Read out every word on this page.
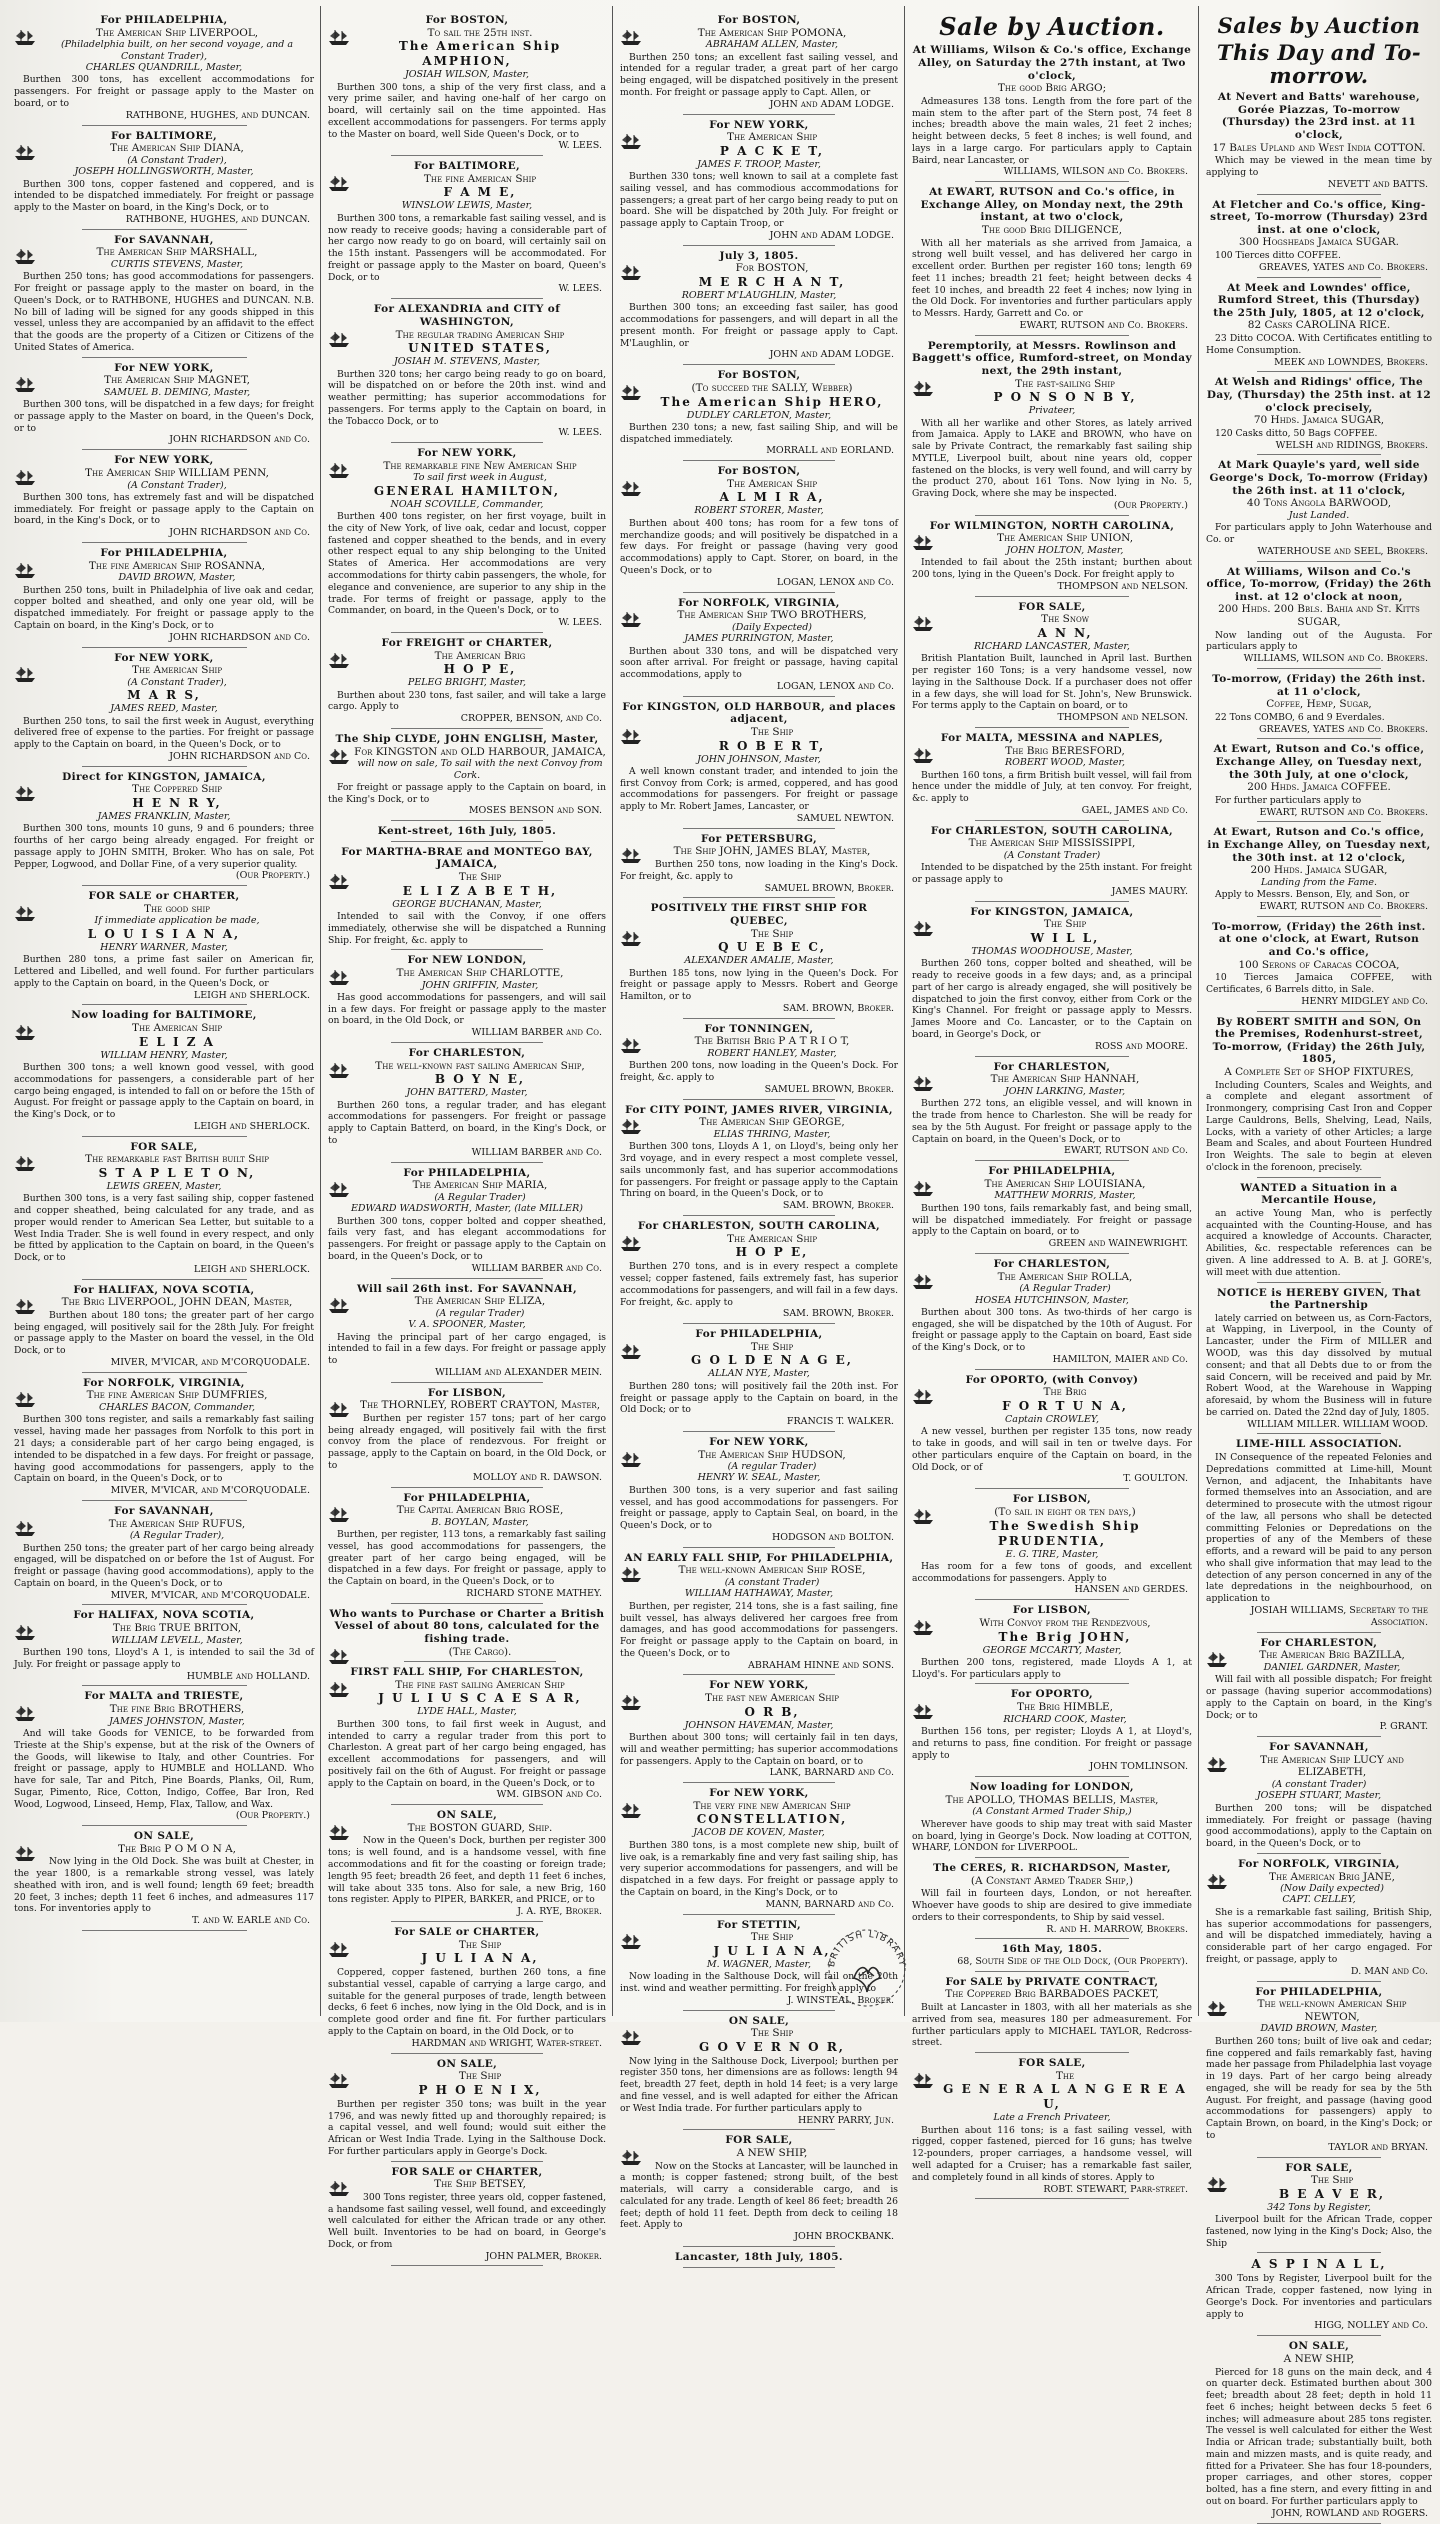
For PHILADELPHIA,

The American Ship LIVERPOOL,

(Philadelphia built, on her second voyage, and a Constant Trader),

CHARLES QUANDRILL, Master,

Burthen 300 tons, has excellent accommodations for passengers. For freight or passage apply to the Master on board, or to

RATHBONE, HUGHES, and DUNCAN.

For BALTIMORE,

The American Ship DIANA,

(A Constant Trader),

JOSEPH HOLLINGSWORTH, Master,

Burthen 300 tons, copper fastened and coppered, and is intended to be dispatched immediately. For freight or passage apply to the Master on board, in the King's Dock, or to

RATHBONE, HUGHES, and DUNCAN.

For SAVANNAH,

The American Ship MARSHALL,

CURTIS STEVENS, Master,

Burthen 250 tons; has good accommodations for passengers. For freight or passage apply to the master on board, in the Queen's Dock, or to RATHBONE, HUGHES and DUNCAN. N.B. No bill of lading will be signed for any goods shipped in this vessel, unless they are accompanied by an affidavit to the effect that the goods are the property of a Citizen or Citizens of the United States of America.

For NEW YORK,

The American Ship MAGNET,

SAMUEL B. DEMING, Master,

Burthen 300 tons, will be dispatched in a few days; for freight or passage apply to the Master on board, in the Queen's Dock, or to

JOHN RICHARDSON and Co.

For NEW YORK,

The American Ship WILLIAM PENN,

(A Constant Trader),

Burthen 300 tons, has extremely fast and will be dispatched immediately. For freight or passage apply to the Captain on board, in the King's Dock, or to

JOHN RICHARDSON and Co.

For PHILADELPHIA,

The fine American Ship ROSANNA,

DAVID BROWN, Master,

Burthen 250 tons, built in Philadelphia of live oak and cedar, copper bolted and sheathed, and only one year old, will be dispatched immediately. For freight or passage apply to the Captain on board, in the King's Dock, or to

JOHN RICHARDSON and Co.

For NEW YORK,

The American Ship

(A Constant Trader),

M A R S,

JAMES REED, Master,

Burthen 250 tons, to sail the first week in August, everything delivered free of expense to the parties. For freight or passage apply to the Captain on board, in the Queen's Dock, or to

JOHN RICHARDSON and Co.

Direct for KINGSTON, JAMAICA,

The Coppered Ship

H E N R Y,

JAMES FRANKLIN, Master,

Burthen 300 tons, mounts 10 guns, 9 and 6 pounders; three fourths of her cargo being already engaged. For freight or passage apply to JOHN SMITH, Broker. Who has on sale, Pot Pepper, Logwood, and Dollar Fine, of a very superior quality.

(Our Property.)

FOR SALE or CHARTER,

The good ship

If immediate application be made,

L O U I S I A N A,

HENRY WARNER, Master,

Burthen 280 tons, a prime fast sailer on American fir, Lettered and Libelled, and well found. For further particulars apply to the Captain on board, in the Queen's Dock, or

LEIGH and SHERLOCK.

Now loading for BALTIMORE,

The American Ship

E L I Z A

WILLIAM HENRY, Master,

Burthen 300 tons; a well known good vessel, with good accommodations for passengers, a considerable part of her cargo being engaged, is intended to fall on or before the 15th of August. For freight or passage apply to the Captain on board, in the King's Dock, or to

LEIGH and SHERLOCK.

FOR SALE,

The remarkable fast British built Ship

S T A P L E T O N,

LEWIS GREEN, Master,

Burthen 300 tons, is a very fast sailing ship, copper fastened and copper sheathed, being calculated for any trade, and as proper would render to American Sea Letter, but suitable to a West India Trader. She is well found in every respect, and only be fitted by application to the Captain on board, in the Queen's Dock, or to

LEIGH and SHERLOCK.

For HALIFAX, NOVA SCOTIA,

The Brig LIVERPOOL, JOHN DEAN, Master,

Burthen about 180 tons; the greater part of her cargo being engaged, will positively sail for the 28th July. For freight or passage apply to the Master on board the vessel, in the Old Dock, or to

MIVER, M'VICAR, and M'CORQUODALE.

For NORFOLK, VIRGINIA,

The fine American Ship DUMFRIES,

CHARLES BACON, Commander,

Burthen 300 tons register, and sails a remarkably fast sailing vessel, having made her passages from Norfolk to this port in 21 days; a considerable part of her cargo being engaged, is intended to be dispatched in a few days. For freight or passage, having good accommodations for passengers, apply to the Captain on board, in the Queen's Dock, or to

MIVER, M'VICAR, and M'CORQUODALE.

For SAVANNAH,

The American Ship RUFUS,

(A Regular Trader),

Burthen 250 tons; the greater part of her cargo being already engaged, will be dispatched on or before the 1st of August. For freight or passage (having good accommodations), apply to the Captain on board, in the Queen's Dock, or to

MIVER, M'VICAR, and M'CORQUODALE.

For HALIFAX, NOVA SCOTIA,

The Brig TRUE BRITON,

WILLIAM LEVELL, Master,

Burthen 190 tons, Lloyd's A 1, is intended to sail the 3d of July. For freight or passage apply to

HUMBLE and HOLLAND.

For MALTA and TRIESTE,

The fine Brig BROTHERS,

JAMES JOHNSTON, Master,

And will take Goods for VENICE, to be forwarded from Trieste at the Ship's expense, but at the risk of the Owners of the Goods, will likewise to Italy, and other Countries. For freight or passage, apply to HUMBLE and HOLLAND. Who have for sale, Tar and Pitch, Pine Boards, Planks, Oil, Rum, Sugar, Pimento, Rice, Cotton, Indigo, Coffee, Bar Iron, Red Wood, Logwood, Linseed, Hemp, Flax, Tallow, and Wax.

(Our Property.)

ON SALE,

The Brig P O M O N A,

Now lying in the Old Dock. She was built at Chester, in the year 1800, is a remarkable strong vessel, was lately sheathed with iron, and is well found; length 69 feet; breadth 20 feet, 3 inches; depth 11 feet 6 inches, and admeasures 117 tons. For inventories apply to

T. and W. EARLE and Co.

For BOSTON,

To sail the 25th inst.

The American Ship AMPHION,

JOSIAH WILSON, Master,

Burthen 300 tons, a ship of the very first class, and a very prime sailer, and having one-half of her cargo on board, will certainly sail on the time appointed. Has excellent accommodations for passengers. For terms apply to the Master on board, well Side Queen's Dock, or to

W. LEES.

For BALTIMORE,

The fine American Ship

F A M E,

WINSLOW LEWIS, Master,

Burthen 300 tons, a remarkable fast sailing vessel, and is now ready to receive goods; having a considerable part of her cargo now ready to go on board, will certainly sail on the 15th instant. Passengers will be accommodated. For freight or passage apply to the Master on board, Queen's Dock, or to

W. LEES.

For ALEXANDRIA and CITY of WASHINGTON,

The regular trading American Ship

UNITED STATES,

JOSIAH M. STEVENS, Master,

Burthen 320 tons; her cargo being ready to go on board, will be dispatched on or before the 20th inst. wind and weather permitting; has superior accommodations for passengers. For terms apply to the Captain on board, in the Tobacco Dock, or to

W. LEES.

For NEW YORK,

The remarkable fine New American Ship

To sail first week in August,

GENERAL HAMILTON,

NOAH SCOVILLE, Commander,

Burthen 400 tons register, on her first voyage, built in the city of New York, of live oak, cedar and locust, copper fastened and copper sheathed to the bends, and in every other respect equal to any ship belonging to the United States of America. Her accommodations are very accommodations for thirty cabin passengers, the whole, for elegance and convenience, are superior to any ship in the trade. For terms of freight or passage, apply to the Commander, on board, in the Queen's Dock, or to

W. LEES.

For FREIGHT or CHARTER,

The American Brig

H O P E,

PELEG BRIGHT, Master,

Burthen about 230 tons, fast sailer, and will take a large cargo. Apply to

CROPPER, BENSON, and Co.

The Ship CLYDE, JOHN ENGLISH, Master,

For KINGSTON and OLD HARBOUR, JAMAICA,

will now on sale, To sail with the next Convoy from Cork.

For freight or passage apply to the Captain on board, in the King's Dock, or to

MOSES BENSON and SON.

Kent-street, 16th July, 1805.

For MARTHA-BRAE and MONTEGO BAY, JAMAICA,

The Ship

E L I Z A B E T H,

GEORGE BUCHANAN, Master,

Intended to sail with the Convoy, if one offers immediately, otherwise she will be dispatched a Running Ship. For freight, &c. apply to

For NEW LONDON,

The American Ship CHARLOTTE,

JOHN GRIFFIN, Master,

Has good accommodations for passengers, and will sail in a few days. For freight or passage apply to the master on board, in the Old Dock, or

WILLIAM BARBER and Co.

For CHARLESTON,

The well-known fast sailing American Ship,

B O Y N E,

JOHN BATTERD, Master,

Burthen 260 tons, a regular trader, and has elegant accommodations for passengers. For freight or passage apply to Captain Batterd, on board, in the King's Dock, or to

WILLIAM BARBER and Co.

For PHILADELPHIA,

The American Ship MARIA,

(A Regular Trader)

EDWARD WADSWORTH, Master, (late MILLER)

Burthen 300 tons, copper bolted and copper sheathed, fails very fast, and has elegant accommodations for passengers. For freight or passage apply to the Captain on board, in the Queen's Dock, or to

WILLIAM BARBER and Co.

Will sail 26th inst. For SAVANNAH,

The American Ship ELIZA,

(A regular Trader)

V. A. SPOONER, Master,

Having the principal part of her cargo engaged, is intended to fail in a few days. For freight or passage apply to

WILLIAM and ALEXANDER MEIN.

For LISBON,

The THORNLEY, ROBERT CRAYTON, Master,

Burthen per register 157 tons; part of her cargo being already engaged, will positively fail with the first convoy from the place of rendezvous. For freight or passage, apply to the Captain on board, in the Old Dock, or to

MOLLOY and R. DAWSON.

For PHILADELPHIA,

The Capital American Brig ROSE,

B. BOYLAN, Master,

Burthen, per register, 113 tons, a remarkably fast sailing vessel, has good accommodations for passengers, the greater part of her cargo being engaged, will be dispatched in a few days. For freight or passage, apply to the Captain on board, in the Queen's Dock, or to

RICHARD STONE MATHEY.

Who wants to Purchase or Charter a British Vessel of about 80 tons, calculated for the fishing trade.

(The Cargo).

FIRST FALL SHIP, For CHARLESTON,

The fine fast sailing American Ship

J U L I U S C A E S A R,

LYDE HALL, Master,

Burthen 300 tons, to fail first week in August, and intended to carry a regular trader from this port to Charleston. A great part of her cargo being engaged, has excellent accommodations for passengers, and will positively fail on the 6th of August. For freight or passage apply to the Captain on board, in the Queen's Dock, or to

WM. GIBSON and Co.

ON SALE,

The BOSTON GUARD, Ship.

Now in the Queen's Dock, burthen per register 300 tons; is well found, and is a handsome vessel, with fine accommodations and fit for the coasting or foreign trade; length 95 feet; breadth 26 feet, and depth 11 feet 6 inches, will take about 335 tons. Also for sale, a new Brig, 160 tons register. Apply to PIPER, BARKER, and PRICE, or to

J. A. RYE, Broker.

For SALE or CHARTER,

The Ship

J U L I A N A,

Coppered, copper fastened, burthen 260 tons, a fine substantial vessel, capable of carrying a large cargo, and suitable for the general purposes of trade, length between decks, 6 feet 6 inches, now lying in the Old Dock, and is in complete good order and fine fit. For further particulars apply to the Captain on board, in the Old Dock, or to

HARDMAN and WRIGHT, Water-street.

ON SALE,

The Ship

P H O E N I X,

Burthen per register 350 tons; was built in the year 1796, and was newly fitted up and thoroughly repaired; is a capital vessel, and well found; would suit either the African or West India Trade. Lying in the Salthouse Dock. For further particulars apply in George's Dock.

FOR SALE or CHARTER,

The Ship BETSEY,

300 Tons register, three years old, copper fastened, a handsome fast sailing vessel, well found, and exceedingly well calculated for either the African trade or any other. Well built. Inventories to be had on board, in George's Dock, or from

JOHN PALMER, Broker.

For BOSTON,

The American Ship POMONA,

ABRAHAM ALLEN, Master,

Burthen 250 tons; an excellent fast sailing vessel, and intended for a regular trader, a great part of her cargo being engaged, will be dispatched positively in the present month. For freight or passage apply to Capt. Allen, or

JOHN and ADAM LODGE.

For NEW YORK,

The American Ship

P A C K E T,

JAMES F. TROOP, Master,

Burthen 330 tons; well known to sail at a complete fast sailing vessel, and has commodious accommodations for passengers; a great part of her cargo being ready to put on board. She will be dispatched by 20th July. For freight or passage apply to Captain Troop, or

JOHN and ADAM LODGE.

July 3, 1805.

For BOSTON,

M E R C H A N T,

ROBERT M'LAUGHLIN, Master,

Burthen 300 tons; an exceeding fast sailer, has good accommodations for passengers, and will depart in all the present month. For freight or passage apply to Capt. M'Laughlin, or

JOHN and ADAM LODGE.

For BOSTON,

(To succeed the SALLY, Webber)

The American Ship HERO,

DUDLEY CARLETON, Master,

Burthen 230 tons; a new, fast sailing Ship, and will be dispatched immediately.

MORRALL and EORLAND.

For BOSTON,

The American Ship

A L M I R A,

ROBERT STORER, Master,

Burthen about 400 tons; has room for a few tons of merchandize goods; and will positively be dispatched in a few days. For freight or passage (having very good accommodations) apply to Capt. Storer, on board, in the Queen's Dock, or to

LOGAN, LENOX and Co.

For NORFOLK, VIRGINIA,

The American Ship TWO BROTHERS,

(Daily Expected)

JAMES PURRINGTON, Master,

Burthen about 330 tons, and will be dispatched very soon after arrival. For freight or passage, having capital accommodations, apply to

LOGAN, LENOX and Co.

For KINGSTON, OLD HARBOUR, and places adjacent,

The Ship

R O B E R T,

JOHN JOHNSON, Master,

A well known constant trader, and intended to join the first Convoy from Cork; is armed, coppered, and has good accommodations for passengers. For freight or passage apply to Mr. Robert James, Lancaster, or

SAMUEL NEWTON.

For PETERSBURG,

The Ship JOHN, JAMES BLAY, Master,

Burthen 250 tons, now loading in the King's Dock. For freight, &c. apply to

SAMUEL BROWN, Broker.

POSITIVELY THE FIRST SHIP FOR QUEBEC,

The Ship

Q U E B E C,

ALEXANDER AMALIE, Master,

Burthen 185 tons, now lying in the Queen's Dock. For freight or passage apply to Messrs. Robert and George Hamilton, or to

SAM. BROWN, Broker.

For TONNINGEN,

The British Brig P A T R I O T,

ROBERT HANLEY, Master,

Burthen 200 tons, now loading in the Queen's Dock. For freight, &c. apply to

SAMUEL BROWN, Broker.

For CITY POINT, JAMES RIVER, VIRGINIA,

The American Ship GEORGE,

ELIAS THRING, Master,

Burthen 300 tons, Lloyds A 1, on Lloyd's, being only her 3rd voyage, and in every respect a most complete vessel, sails uncommonly fast, and has superior accommodations for passengers. For freight or passage apply to the Captain Thring on board, in the Queen's Dock, or to

SAM. BROWN, Broker.

For CHARLESTON, SOUTH CAROLINA,

The American Ship

H O P E,

Burthen 270 tons, and is in every respect a complete vessel; copper fastened, fails extremely fast, has superior accommodations for passengers, and will fail in a few days. For freight, &c. apply to

SAM. BROWN, Broker.

For PHILADELPHIA,

The Ship

G O L D E N A G E,

ALLAN NYE, Master,

Burthen 280 tons; will positively fail the 20th inst. For freight or passage apply to the Captain on board, in the Old Dock; or to

FRANCIS T. WALKER.

For NEW YORK,

The American Ship HUDSON,

(A regular Trader)

HENRY W. SEAL, Master,

Burthen 300 tons, is a very superior and fast sailing vessel, and has good accommodations for passengers. For freight or passage, apply to Captain Seal, on board, in the Queen's Dock, or to

HODGSON and BOLTON.

AN EARLY FALL SHIP, For PHILADELPHIA,

The well-known American Ship ROSE,

(A constant Trader)

WILLIAM HATHAWAY, Master,

Burthen, per register, 214 tons, she is a fast sailing, fine built vessel, has always delivered her cargoes free from damages, and has good accommodations for passengers. For freight or passage apply to the Captain on board, in the Queen's Dock, or to

ABRAHAM HINNE and SONS.

For NEW YORK,

The fast new American Ship

O R B,

JOHNSON HAVEMAN, Master,

Burthen about 300 tons; will certainly fail in ten days, will and weather permitting; has superior accommodations for passengers. Apply to the Captain on board, or to

LANK, BARNARD and Co.

For NEW YORK,

The very fine new American Ship

CONSTELLATION,

JACOB DE KOVEN, Master,

Burthen 380 tons, is a most complete new ship, built of live oak, is a remarkably fine and very fast sailing ship, has very superior accommodations for passengers, and will be dispatched in a few days. For freight or passage apply to the Captain on board, in the King's Dock, or to

MANN, BARNARD and Co.

For STETTIN,

The Ship

J U L I A N A,

M. WAGNER, Master,

Now loading in the Salthouse Dock, will fail on the 20th inst. wind and weather permitting. For freight apply to

J. WINSTEAL, Broker.

ON SALE,

The Ship

G O V E R N O R,

Now lying in the Salthouse Dock, Liverpool; burthen per register 350 tons, her dimensions are as follows: length 94 feet, breadth 27 feet, depth in hold 14 feet; is a very large and fine vessel, and is well adapted for either the African or West India trade. For further particulars apply to

HENRY PARRY, Jun.

FOR SALE,

A NEW SHIP,

Now on the Stocks at Lancaster, will be launched in a month; is copper fastened; strong built, of the best materials, will carry a considerable cargo, and is calculated for any trade. Length of keel 86 feet; breadth 26 feet; depth of hold 11 feet. Depth from deck to ceiling 18 feet. Apply to

JOHN BROCKBANK.

Lancaster, 18th July, 1805.

Sale by Auction.

At Williams, Wilson & Co.'s office, Exchange Alley, on Saturday the 27th instant, at Two o'clock,

The good Brig ARGO;

Admeasures 138 tons. Length from the fore part of the main stem to the after part of the Stern post, 74 feet 8 inches; breadth above the main wales, 21 feet 2 inches; height between decks, 5 feet 8 inches; is well found, and lays in a large cargo. For particulars apply to Captain Baird, near Lancaster, or

WILLIAMS, WILSON and Co. Brokers.

At EWART, RUTSON and Co.'s office, in Exchange Alley, on Monday next, the 29th instant, at two o'clock,

The good Brig DILIGENCE,

With all her materials as she arrived from Jamaica, a strong well built vessel, and has delivered her cargo in excellent order. Burthen per register 160 tons; length 69 feet 11 inches; breadth 21 feet; height between decks 4 feet 10 inches, and breadth 22 feet 4 inches; now lying in the Old Dock. For inventories and further particulars apply to Messrs. Hardy, Garrett and Co. or

EWART, RUTSON and Co. Brokers.

Peremptorily, at Messrs. Rowlinson and Baggett's office, Rumford-street, on Monday next, the 29th instant,

The fast-sailing Ship

P O N S O N B Y,

Privateer,

With all her warlike and other Stores, as lately arrived from Jamaica. Apply to LAKE and BROWN, who have on sale by Private Contract, the remarkably fast sailing ship MYTLE, Liverpool built, about nine years old, copper fastened on the blocks, is very well found, and will carry by the product 270, about 161 Tons. Now lying in No. 5, Graving Dock, where she may be inspected.

(Our Property.)

For WILMINGTON, NORTH CAROLINA,

The American Ship UNION,

JOHN HOLTON, Master,

Intended to fail about the 25th instant; burthen about 200 tons, lying in the Queen's Dock. For freight apply to

THOMPSON and NELSON.

FOR SALE,

The Snow

A N N,

RICHARD LANCASTER, Master,

British Plantation Built, launched in April last. Burthen per register 160 Tons; is a very handsome vessel, now laying in the Salthouse Dock. If a purchaser does not offer in a few days, she will load for St. John's, New Brunswick. For terms apply to the Captain on board, or to

THOMPSON and NELSON.

For MALTA, MESSINA and NAPLES,

The Brig BERESFORD,

ROBERT WOOD, Master,

Burthen 160 tons, a firm British built vessel, will fail from hence under the middle of July, at ten convoy. For freight, &c. apply to

GAEL, JAMES and Co.

For CHARLESTON, SOUTH CAROLINA,

The American Ship MISSISSIPPI,

(A Constant Trader)

Intended to be dispatched by the 25th instant. For freight or passage apply to

JAMES MAURY.

For KINGSTON, JAMAICA,

The Ship

W I L L,

THOMAS WOODHOUSE, Master,

Burthen 260 tons, copper bolted and sheathed, will be ready to receive goods in a few days; and, as a principal part of her cargo is already engaged, she will positively be dispatched to join the first convoy, either from Cork or the King's Channel. For freight or passage apply to Messrs. James Moore and Co. Lancaster, or to the Captain on board, in George's Dock, or

ROSS and MOORE.

For CHARLESTON,

The American Ship HANNAH,

JOHN LARKING, Master,

Burthen 272 tons, an eligible vessel, and will known in the trade from hence to Charleston. She will be ready for sea by the 5th August. For freight or passage apply to the Captain on board, in the Queen's Dock, or to

EWART, RUTSON and Co.

For PHILADELPHIA,

The American Ship LOUISIANA,

MATTHEW MORRIS, Master,

Burthen 190 tons, fails remarkably fast, and being small, will be dispatched immediately. For freight or passage apply to the Captain on board, or to

GREEN and WAINEWRIGHT.

For CHARLESTON,

The American Ship ROLLA,

(A Regular Trader)

HOSEA HUTCHINSON, Master,

Burthen about 300 tons. As two-thirds of her cargo is engaged, she will be dispatched by the 10th of August. For freight or passage apply to the Captain on board, East side of the King's Dock, or to

HAMILTON, MAIER and Co.

For OPORTO, (with Convoy)

The Brig

F O R T U N A,

Captain CROWLEY,

A new vessel, burthen per register 135 tons, now ready to take in goods, and will sail in ten or twelve days. For other particulars enquire of the Captain on board, in the Old Dock, or of

T. GOULTON.

For LISBON,

(To sail in eight or ten days,)

The Swedish Ship PRUDENTIA,

E. G. TIRE, Master,

Has room for a few tons of goods, and excellent accommodations for passengers. Apply to

HANSEN and GERDES.

For LISBON,

With Convoy from the Rendezvous,

The Brig JOHN,

GEORGE MCCARTY, Master,

Burthen 200 tons, registered, made Lloyds A 1, at Lloyd's. For particulars apply to

For OPORTO,

The Brig HIMBLE,

RICHARD COOK, Master,

Burthen 156 tons, per register; Lloyds A 1, at Lloyd's, and returns to pass, fine condition. For freight or passage apply to

JOHN TOMLINSON.

Now loading for LONDON,

The APOLLO, THOMAS BELLIS, Master,

(A Constant Armed Trader Ship,)

Wherever have goods to ship may treat with said Master on board, lying in George's Dock. Now loading at COTTON, WHARF, LONDON for LIVERPOOL.

The CERES, R. RICHARDSON, Master,

(A Constant Armed Trader Ship,)

Will fail in fourteen days, London, or not hereafter. Whoever have goods to ship are desired to give immediate orders to their correspondents, to Ship by said vessel.

R. and H. MARROW, Brokers.

16th May, 1805.

68, South Side of the Old Dock, (Our Property).

For SALE by PRIVATE CONTRACT,

The Coppered Brig BARBADOES PACKET,

Built at Lancaster in 1803, with all her materials as she arrived from sea, measures 180 per admeasurement. For further particulars apply to MICHAEL TAYLOR, Redcross-street.

FOR SALE,

The

G E N E R A L A N G E R E A U,

Late a French Privateer,

Burthen about 116 tons; is a fast sailing vessel, with rigged, copper fastened, pierced for 16 guns; has twelve 12-pounders, proper carriages, a handsome vessel, will well adapted for a Cruiser; has a remarkable fast sailer, and completely found in all kinds of stores. Apply to

ROBT. STEWART, Parr-street.

Sales by Auction
This Day and To-morrow.

At Nevert and Batts' warehouse, Gorée Piazzas, To-morrow (Thursday) the 23rd inst. at 11 o'clock,

17 Bales Upland and West India COTTON.

Which may be viewed in the mean time by applying to

NEVETT and BATTS.

At Fletcher and Co.'s office, King-street, To-morrow (Thursday) 23rd inst. at one o'clock,

300 Hogsheads Jamaica SUGAR.

100 Tierces ditto COFFEE.

GREAVES, YATES and Co. Brokers.

At Meek and Lowndes' office, Rumford Street, this (Thursday) the 25th July, 1805, at 12 o'clock,

82 Casks CAROLINA RICE.

23 Ditto COCOA. With Certificates entitling to Home Consumption.

MEEK and LOWNDES, Brokers.

At Welsh and Ridings' office, The Day, (Thursday) the 25th inst. at 12 o'clock precisely,

70 Hhds. Jamaica SUGAR,

120 Casks ditto, 50 Bags COFFEE.

WELSH and RIDINGS, Brokers.

At Mark Quayle's yard, well side George's Dock, To-morrow (Friday) the 26th inst. at 11 o'clock,

40 Tons Angola BARWOOD,

Just Landed.

For particulars apply to John Waterhouse and Co. or

WATERHOUSE and SEEL, Brokers.

At Williams, Wilson and Co.'s office, To-morrow, (Friday) the 26th inst. at 12 o'clock at noon,

200 Hhds. 200 Bbls. Bahia and St. Kitts SUGAR,

Now landing out of the Augusta. For particulars apply to

WILLIAMS, WILSON and Co. Brokers.

To-morrow, (Friday) the 26th inst. at 11 o'clock,

Coffee, Hemp, Sugar,

22 Tons COMBO, 6 and 9 Everdales.

GREAVES, YATES and Co. Brokers.

At Ewart, Rutson and Co.'s office, Exchange Alley, on Tuesday next, the 30th July, at one o'clock,

200 Hhds. Jamaica COFFEE.

For further particulars apply to

EWART, RUTSON and Co. Brokers.

At Ewart, Rutson and Co.'s office, in Exchange Alley, on Tuesday next, the 30th inst. at 12 o'clock,

200 Hhds. Jamaica SUGAR,

Landing from the Fame.

Apply to Messrs. Benson, Ely, and Son, or

EWART, RUTSON and Co. Brokers.

To-morrow, (Friday) the 26th inst. at one o'clock, at Ewart, Rutson and Co.'s office,

100 Serons of Caracas COCOA,

10 Tierces Jamaica COFFEE, with Certificates, 6 Barrels ditto, in Sale.

HENRY MIDGLEY and Co.

By ROBERT SMITH and SON, On the Premises, Rodenhurst-street, To-morrow, (Friday) the 26th July, 1805,

A Complete Set of SHOP FIXTURES,

Including Counters, Scales and Weights, and a complete and elegant assortment of Ironmongery, comprising Cast Iron and Copper Large Cauldrons, Bells, Shelving, Lead, Nails, Locks, with a variety of other Articles; a large Beam and Scales, and about Fourteen Hundred Iron Weights. The sale to begin at eleven o'clock in the forenoon, precisely.

WANTED a Situation in a Mercantile House,

an active Young Man, who is perfectly acquainted with the Counting-House, and has acquired a knowledge of Accounts. Character, Abilities, &c. respectable references can be given. A line addressed to A. B. at J. GORE's, will meet with due attention.

NOTICE is HEREBY GIVEN, That the Partnership

lately carried on between us, as Corn-Factors, at Wapping, in Liverpool, in the County of Lancaster, under the Firm of MILLER and WOOD, was this day dissolved by mutual consent; and that all Debts due to or from the said Concern, will be received and paid by Mr. Robert Wood, at the Warehouse in Wapping aforesaid, by whom the Business will in future be carried on. Dated the 22nd day of July, 1805.

WILLIAM MILLER. WILLIAM WOOD.

LIME-HILL ASSOCIATION.

IN Consequence of the repeated Felonies and Depredations committed at Lime-hill, Mount Vernon, and adjacent, the Inhabitants have formed themselves into an Association, and are determined to prosecute with the utmost rigour of the law, all persons who shall be detected committing Felonies or Depredations on the properties of any of the Members of these efforts, and a reward will be paid to any person who shall give information that may lead to the detection of any person concerned in any of the late depredations in the neighbourhood, on application to

JOSIAH WILLIAMS, Secretary to the Association.

For CHARLESTON,

The American Brig BAZILLA,

DANIEL GARDNER, Master,

Will fail with all possible dispatch; For freight or passage (having superior accommodations) apply to the Captain on board, in the King's Dock; or to

P. GRANT.

For SAVANNAH,

The American Ship LUCY and ELIZABETH,

(A constant Trader)

JOSEPH STUART, Master,

Burthen 200 tons; will be dispatched immediately. For freight or passage (having good accommodations), apply to the Captain on board, in the Queen's Dock, or to

For NORFOLK, VIRGINIA,

The American Brig JANE,

(Now Daily expected)

CAPT. CELLEY,

She is a remarkable fast sailing, British Ship, has superior accommodations for passengers, and will be dispatched immediately, having a considerable part of her cargo engaged. For freight, or passage, apply to

D. MAN and Co.

For PHILADELPHIA,

The well-known American Ship NEWTON,

DAVID BROWN, Master,

Burthen 260 tons; built of live oak and cedar; fine coppered and fails remarkably fast, having made her passage from Philadelphia last voyage in 19 days. Part of her cargo being already engaged, she will be ready for sea by the 5th August. For freight, and passage (having good accommodations for passengers) apply to Captain Brown, on board, in the King's Dock; or to

TAYLOR and BRYAN.

FOR SALE,

The Ship

B E A V E R,

342 Tons by Register,

Liverpool built for the African Trade, copper fastened, now lying in the King's Dock; Also, the Ship

A S P I N A L L,

300 Tons by Register, Liverpool built for the African Trade, copper fastened, now lying in George's Dock. For inventories and particulars apply to

HIGG, NOLLEY and Co.

ON SALE,

A NEW SHIP,

Pierced for 18 guns on the main deck, and 4 on quarter deck. Estimated burthen about 300 feet; breadth about 28 feet; depth in hold 11 feet 6 inches; height between decks 5 feet 6 inches; will admeasure about 285 tons register. The vessel is well calculated for either the West India or African trade; substantially built, both main and mizzen masts, and is quite ready, and fitted for a Privateer. She has four 18-pounders, proper carriages, and other stores, copper bolted, has a fine stern, and every fitting in and out on board. For further particulars apply to

JOHN, ROWLAND and ROGERS.

BRITISH LIBRARY
